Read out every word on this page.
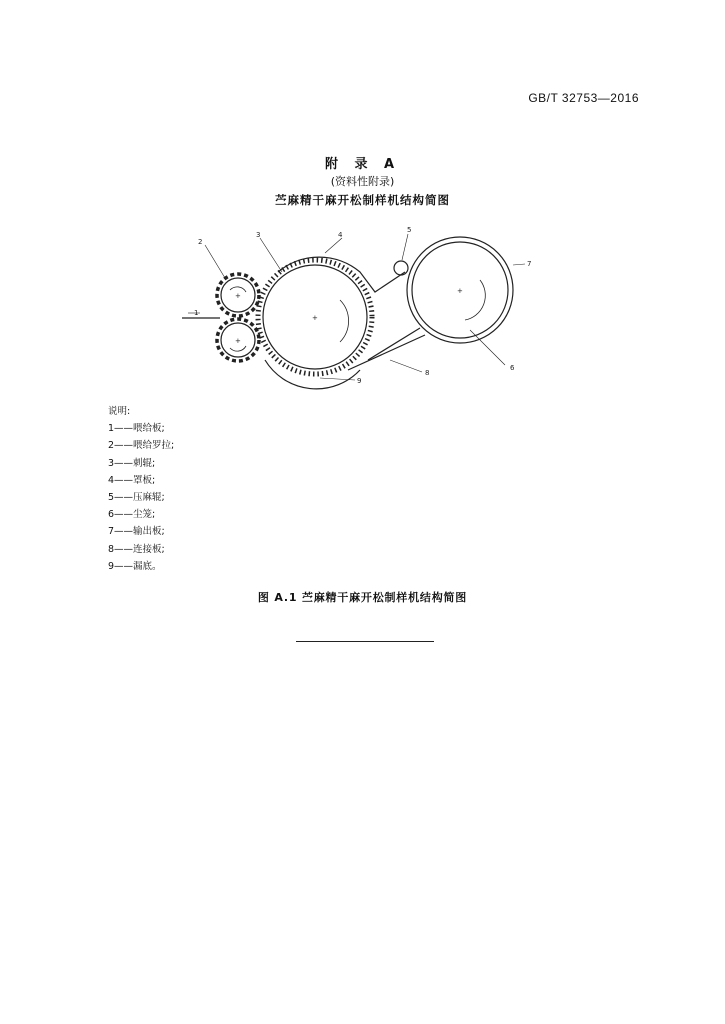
GB/T 32753—2016
附 录 A
(资料性附录)
苎麻精干麻开松制样机结构简图
+
+
+
+
1
2
3	4
5
6
7
8
9
说明:
1——喂给板;
2——喂给罗拉;
3——刺辊;
4——罩板;
5——压麻辊;
6——尘笼;
7——输出板;
8——连接板;
9——漏底。
图 A.1 苎麻精干麻开松制样机结构简图
